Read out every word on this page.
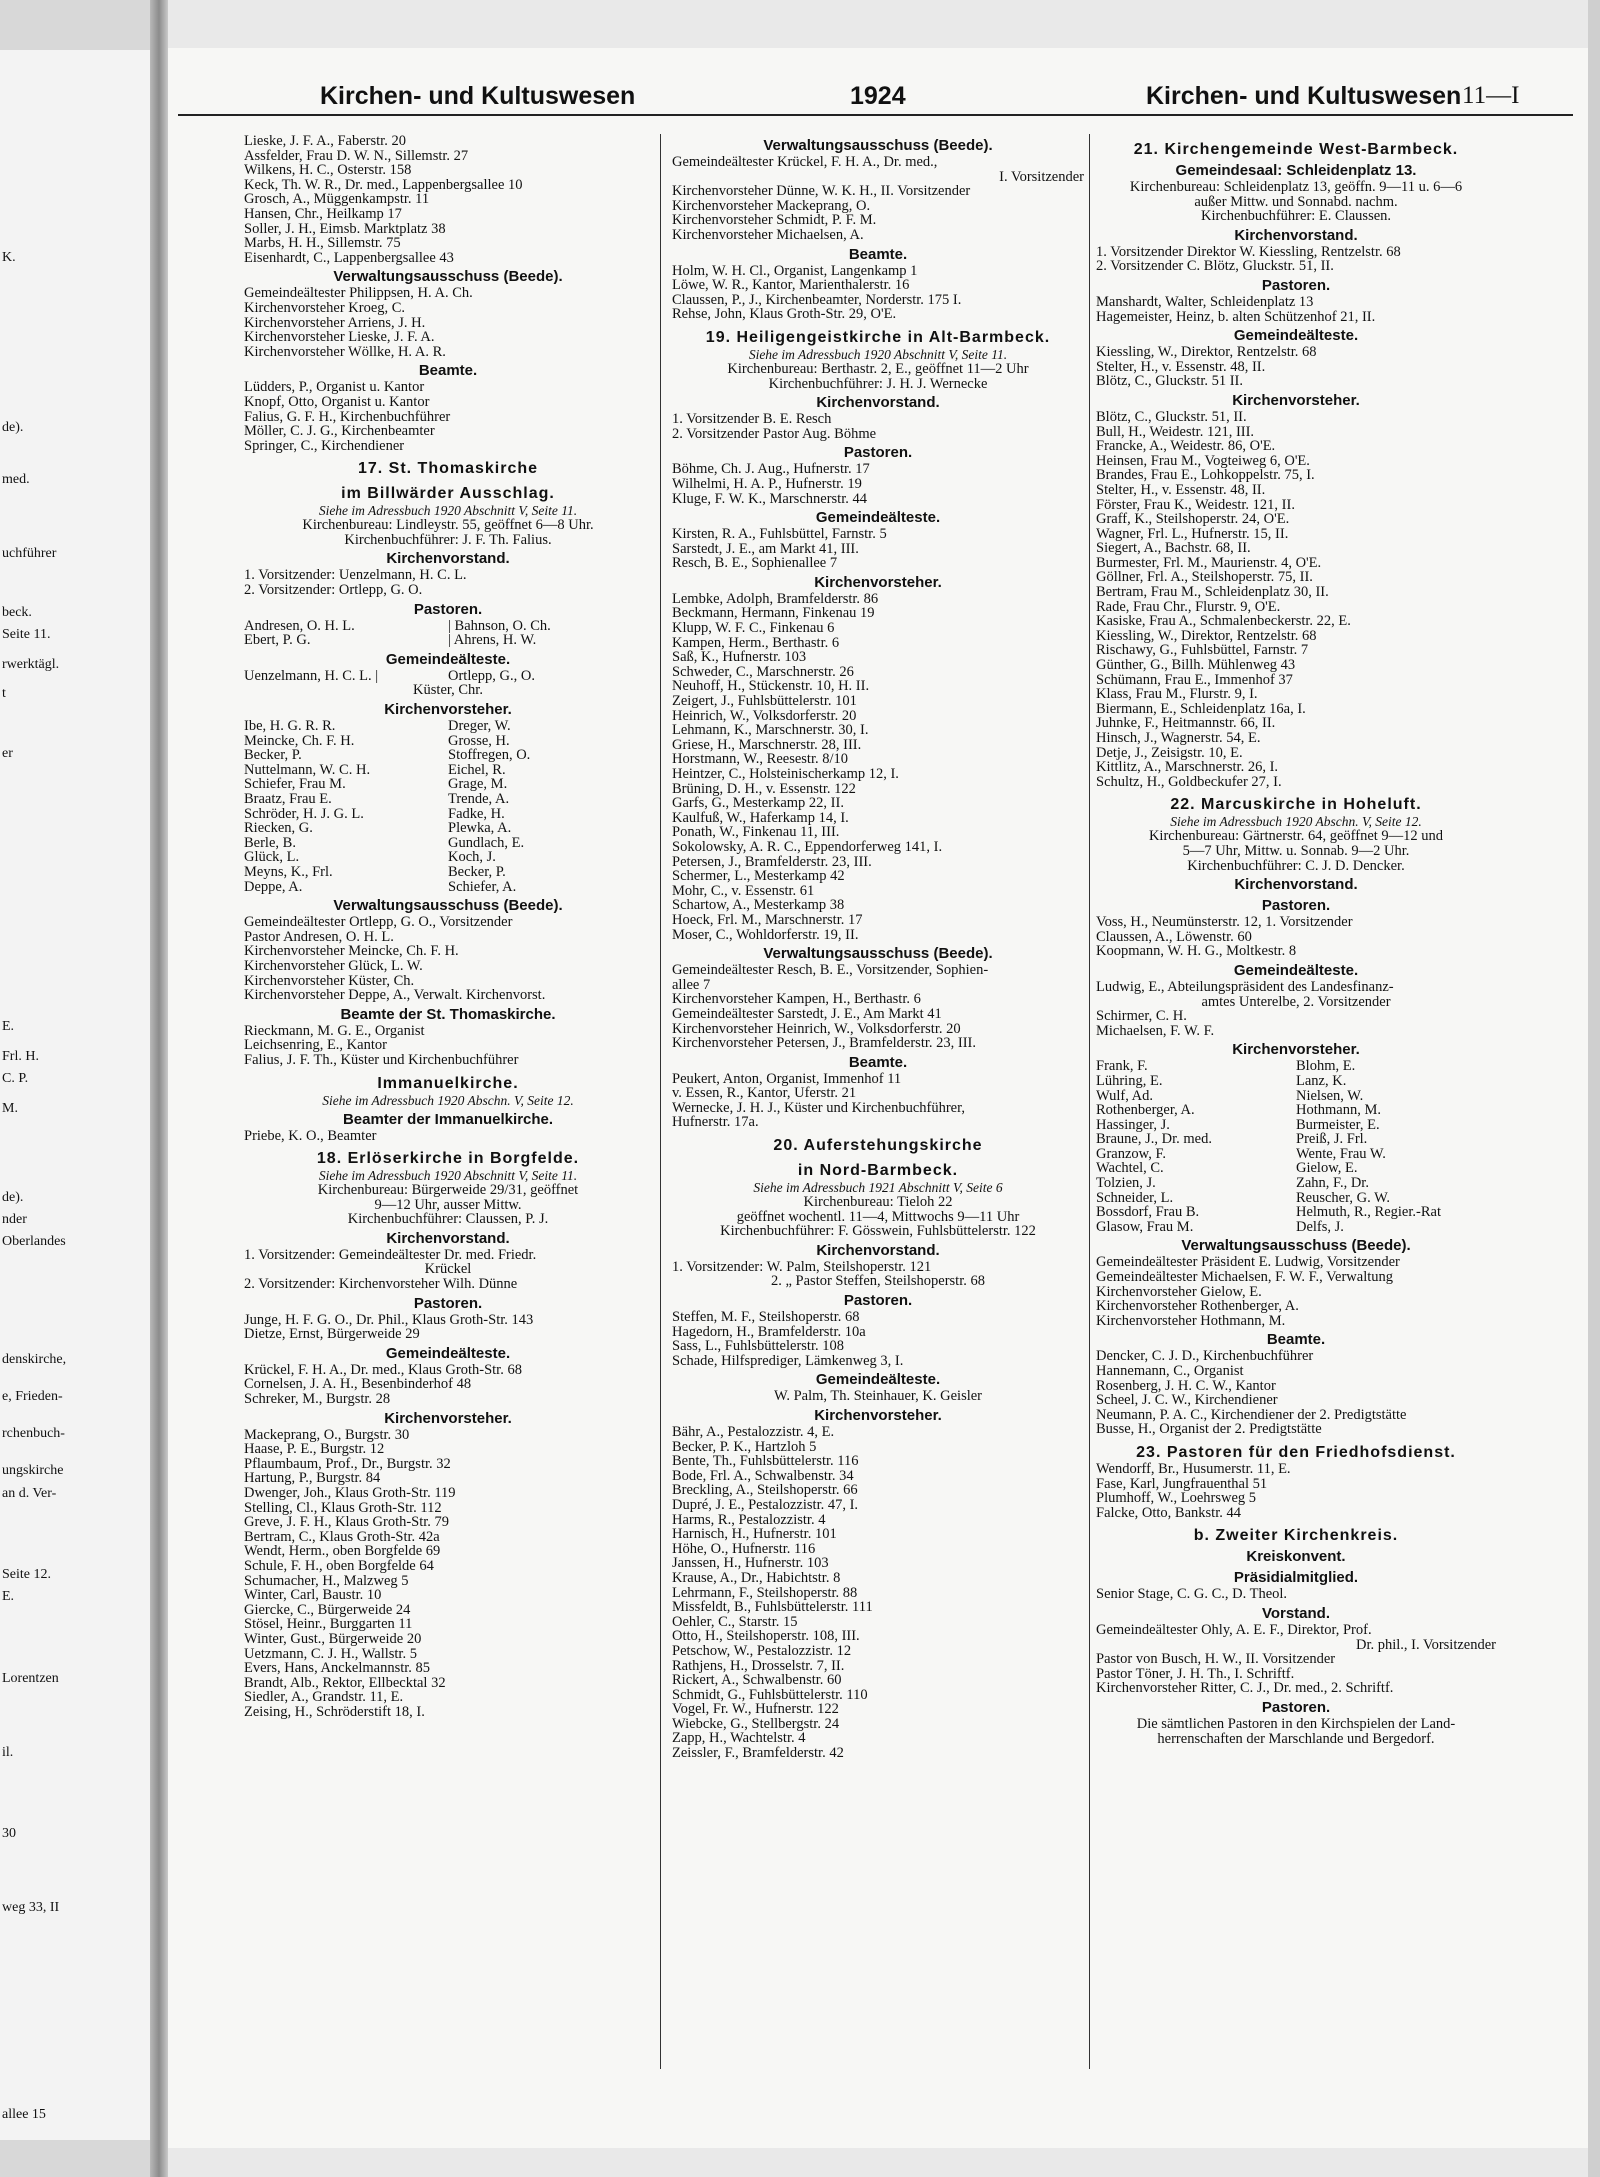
K.
de).
med.
uchführer
beck.
Seite 11.
rwerktägl.
t
er
E.
Frl. H.
C. P.
M.
de).
nder
Oberlandes
denskirche,
e, Frieden-
rchenbuch-
ungskirche
an d. Ver-
Seite 12.
E.
Lorentzen
il.
30
weg 33, II
allee 15
Kirchen- und Kultuswesen	1924	Kirchen- und Kultuswesen 11—I
Lieske, J. F. A., Faberstr. 20
Assfelder, Frau D. W. N., Sillemstr. 27
Wilkens, H. C., Osterstr. 158
Keck, Th. W. R., Dr. med., Lappenbergsallee 10
Grosch, A., Müggenkampstr. 11
Hansen, Chr., Heilkamp 17
Soller, J. H., Eimsb. Marktplatz 38
Marbs, H. H., Sillemstr. 75
Eisenhardt, C., Lappenbergsallee 43
Verwaltungsausschuss (Beede).
Gemeindeältester Philippsen, H. A. Ch.
Kirchenvorsteher Kroeg, C.
Kirchenvorsteher Arriens, J. H.
Kirchenvorsteher Lieske, J. F. A.
Kirchenvorsteher Wöllke, H. A. R.
Beamte.
Lüdders, P., Organist u. Kantor
Knopf, Otto, Organist u. Kantor
Falius, G. F. H., Kirchenbuchführer
Möller, C. J. G., Kirchenbeamter
Springer, C., Kirchendiener
17. St. Thomaskirche
im Billwärder Ausschlag.
Siehe im Adressbuch 1920 Abschnitt V, Seite 11.
Kirchenbureau: Lindleystr. 55, geöffnet 6—8 Uhr.
Kirchenbuchführer: J. F. Th. Falius.
Kirchenvorstand.
1. Vorsitzender: Uenzelmann, H. C. L.
2. Vorsitzender: Ortlepp, G. O.
Pastoren.
Andresen, O. H. L.	| Bahnson, O. Ch.
Ebert, P. G.	| Ahrens, H. W.
Gemeindeälteste.
Uenzelmann, H. C. L. |	Ortlepp, G., O.
Küster, Chr.
Kirchenvorsteher.
Ibe, H. G. R. R.	Dreger, W.
Meincke, Ch. F. H.	Grosse, H.
Becker, P.	Stoffregen, O.
Nuttelmann, W. C. H.	Eichel, R.
Schiefer, Frau M.	Grage, M.
Braatz, Frau E.	Trende, A.
Schröder, H. J. G. L.	Fadke, H.
Riecken, G.	Plewka, A.
Berle, B.	Gundlach, E.
Glück, L.	Koch, J.
Meyns, K., Frl.	Becker, P.
Deppe, A.	Schiefer, A.
Verwaltungsausschuss (Beede).
Gemeindeältester Ortlepp, G. O., Vorsitzender
Pastor Andresen, O. H. L.
Kirchenvorsteher Meincke, Ch. F. H.
Kirchenvorsteher Glück, L. W.
Kirchenvorsteher Küster, Ch.
Kirchenvorsteher Deppe, A., Verwalt. Kirchenvorst.
Beamte der St. Thomaskirche.
Rieckmann, M. G. E., Organist
Leichsenring, E., Kantor
Falius, J. F. Th., Küster und Kirchenbuchführer
Immanuelkirche.
Siehe im Adressbuch 1920 Abschn. V, Seite 12.
Beamter der Immanuelkirche.
Priebe, K. O., Beamter
18. Erlöserkirche in Borgfelde.
Siehe im Adressbuch 1920 Abschnitt V, Seite 11.
Kirchenbureau: Bürgerweide 29/31, geöffnet
9—12 Uhr, ausser Mittw.
Kirchenbuchführer: Claussen, P. J.
Kirchenvorstand.
1. Vorsitzender: Gemeindeältester Dr. med. Friedr.
Krückel
2. Vorsitzender: Kirchenvorsteher Wilh. Dünne
Pastoren.
Junge, H. F. G. O., Dr. Phil., Klaus Groth-Str. 143
Dietze, Ernst, Bürgerweide 29
Gemeindeälteste.
Krückel, F. H. A., Dr. med., Klaus Groth-Str. 68
Cornelsen, J. A. H., Besenbinderhof 48
Schreker, M., Burgstr. 28
Kirchenvorsteher.
Mackeprang, O., Burgstr. 30
Haase, P. E., Burgstr. 12
Pflaumbaum, Prof., Dr., Burgstr. 32
Hartung, P., Burgstr. 84
Dwenger, Joh., Klaus Groth-Str. 119
Stelling, Cl., Klaus Groth-Str. 112
Greve, J. F. H., Klaus Groth-Str. 79
Bertram, C., Klaus Groth-Str. 42a
Wendt, Herm., oben Borgfelde 69
Schule, F. H., oben Borgfelde 64
Schumacher, H., Malzweg 5
Winter, Carl, Baustr. 10
Giercke, C., Bürgerweide 24
Stösel, Heinr., Burggarten 11
Winter, Gust., Bürgerweide 20
Uetzmann, C. J. H., Wallstr. 5
Evers, Hans, Anckelmannstr. 85
Brandt, Alb., Rektor, Ellbecktal 32
Siedler, A., Grandstr. 11, E.
Zeising, H., Schröderstift 18, I.
Verwaltungsausschuss (Beede).
Gemeindeältester Krückel, F. H. A., Dr. med.,
I. Vorsitzender
Kirchenvorsteher Dünne, W. K. H., II. Vorsitzender
Kirchenvorsteher Mackeprang, O.
Kirchenvorsteher Schmidt, P. F. M.
Kirchenvorsteher Michaelsen, A.
Beamte.
Holm, W. H. Cl., Organist, Langenkamp 1
Löwe, W. R., Kantor, Marienthalerstr. 16
Claussen, P., J., Kirchenbeamter, Norderstr. 175 I.
Rehse, John, Klaus Groth-Str. 29, O'E.
19. Heiligengeistkirche in Alt-Barmbeck.
Siehe im Adressbuch 1920 Abschnitt V, Seite 11.
Kirchenbureau: Berthastr. 2, E., geöffnet 11—2 Uhr
Kirchenbuchführer: J. H. J. Wernecke
Kirchenvorstand.
1. Vorsitzender B. E. Resch
2. Vorsitzender Pastor Aug. Böhme
Pastoren.
Böhme, Ch. J. Aug., Hufnerstr. 17
Wilhelmi, H. A. P., Hufnerstr. 19
Kluge, F. W. K., Marschnerstr. 44
Gemeindeälteste.
Kirsten, R. A., Fuhlsbüttel, Farnstr. 5
Sarstedt, J. E., am Markt 41, III.
Resch, B. E., Sophienallee 7
Kirchenvorsteher.
Lembke, Adolph, Bramfelderstr. 86
Beckmann, Hermann, Finkenau 19
Klupp, W. F. C., Finkenau 6
Kampen, Herm., Berthastr. 6
Saß, K., Hufnerstr. 103
Schweder, C., Marschnerstr. 26
Neuhoff, H., Stückenstr. 10, H. II.
Zeigert, J., Fuhlsbüttelerstr. 101
Heinrich, W., Volksdorferstr. 20
Lehmann, K., Marschnerstr. 30, I.
Griese, H., Marschnerstr. 28, III.
Horstmann, W., Reesestr. 8/10
Heintzer, C., Holsteinischerkamp 12, I.
Brüning, D. H., v. Essenstr. 122
Garfs, G., Mesterkamp 22, II.
Kaulfuß, W., Haferkamp 14, I.
Ponath, W., Finkenau 11, III.
Sokolowsky, A. R. C., Eppendorferweg 141, I.
Petersen, J., Bramfelderstr. 23, III.
Schermer, L., Mesterkamp 42
Mohr, C., v. Essenstr. 61
Schartow, A., Mesterkamp 38
Hoeck, Frl. M., Marschnerstr. 17
Moser, C., Wohldorferstr. 19, II.
Verwaltungsausschuss (Beede).
Gemeindeältester Resch, B. E., Vorsitzender, Sophien-
allee 7
Kirchenvorsteher Kampen, H., Berthastr. 6
Gemeindeältester Sarstedt, J. E., Am Markt 41
Kirchenvorsteher Heinrich, W., Volksdorferstr. 20
Kirchenvorsteher Petersen, J., Bramfelderstr. 23, III.
Beamte.
Peukert, Anton, Organist, Immenhof 11
v. Essen, R., Kantor, Uferstr. 21
Wernecke, J. H. J., Küster und Kirchenbuchführer,
Hufnerstr. 17a.
20. Auferstehungskirche
in Nord-Barmbeck.
Siehe im Adressbuch 1921 Abschnitt V, Seite 6
Kirchenbureau: Tieloh 22
geöffnet wochentl. 11—4, Mittwochs 9—11 Uhr
Kirchenbuchführer: F. Gösswein, Fuhlsbüttelerstr. 122
Kirchenvorstand.
1. Vorsitzender: W. Palm, Steilshoperstr. 121
2. „ Pastor Steffen, Steilshoperstr. 68
Pastoren.
Steffen, M. F., Steilshoperstr. 68
Hagedorn, H., Bramfelderstr. 10a
Sass, L., Fuhlsbüttelerstr. 108
Schade, Hilfsprediger, Lämkenweg 3, I.
Gemeindeälteste.
W. Palm, Th. Steinhauer, K. Geisler
Kirchenvorsteher.
Bähr, A., Pestalozzistr. 4, E.
Becker, P. K., Hartzloh 5
Bente, Th., Fuhlsbüttelerstr. 116
Bode, Frl. A., Schwalbenstr. 34
Breckling, A., Steilshoperstr. 66
Dupré, J. E., Pestalozzistr. 47, I.
Harms, R., Pestalozzistr. 4
Harnisch, H., Hufnerstr. 101
Höhe, O., Hufnerstr. 116
Janssen, H., Hufnerstr. 103
Krause, A., Dr., Habichtstr. 8
Lehrmann, F., Steilshoperstr. 88
Missfeldt, B., Fuhlsbüttelerstr. 111
Oehler, C., Starstr. 15
Otto, H., Steilshoperstr. 108, III.
Petschow, W., Pestalozzistr. 12
Rathjens, H., Drosselstr. 7, II.
Rickert, A., Schwalbenstr. 60
Schmidt, G., Fuhlsbüttelerstr. 110
Vogel, Fr. W., Hufnerstr. 122
Wiebcke, G., Stellbergstr. 24
Zapp, H., Wachtelstr. 4
Zeissler, F., Bramfelderstr. 42
21. Kirchengemeinde West-Barmbeck.
Gemeindesaal: Schleidenplatz 13.
Kirchenbureau: Schleidenplatz 13, geöffn. 9—11 u. 6—6
außer Mittw. und Sonnabd. nachm.
Kirchenbuchführer: E. Claussen.
Kirchenvorstand.
1. Vorsitzender Direktor W. Kiessling, Rentzelstr. 68
2. Vorsitzender C. Blötz, Gluckstr. 51, II.
Pastoren.
Manshardt, Walter, Schleidenplatz 13
Hagemeister, Heinz, b. alten Schützenhof 21, II.
Gemeindeälteste.
Kiessling, W., Direktor, Rentzelstr. 68
Stelter, H., v. Essenstr. 48, II.
Blötz, C., Gluckstr. 51 II.
Kirchenvorsteher.
Blötz, C., Gluckstr. 51, II.
Bull, H., Weidestr. 121, III.
Francke, A., Weidestr. 86, O'E.
Heinsen, Frau M., Vogteiweg 6, O'E.
Brandes, Frau E., Lohkoppelstr. 75, I.
Stelter, H., v. Essenstr. 48, II.
Förster, Frau K., Weidestr. 121, II.
Graff, K., Steilshoperstr. 24, O'E.
Wagner, Frl. L., Hufnerstr. 15, II.
Siegert, A., Bachstr. 68, II.
Burmester, Frl. M., Maurienstr. 4, O'E.
Göllner, Frl. A., Steilshoperstr. 75, II.
Bertram, Frau M., Schleidenplatz 30, II.
Rade, Frau Chr., Flurstr. 9, O'E.
Kasiske, Frau A., Schmalenbeckerstr. 22, E.
Kiessling, W., Direktor, Rentzelstr. 68
Rischawy, G., Fuhlsbüttel, Farnstr. 7
Günther, G., Billh. Mühlenweg 43
Schümann, Frau E., Immenhof 37
Klass, Frau M., Flurstr. 9, I.
Biermann, E., Schleidenplatz 16a, I.
Juhnke, F., Heitmannstr. 66, II.
Hinsch, J., Wagnerstr. 54, E.
Detje, J., Zeisigstr. 10, E.
Kittlitz, A., Marschnerstr. 26, I.
Schultz, H., Goldbeckufer 27, I.
22. Marcuskirche in Hoheluft.
Siehe im Adressbuch 1920 Abschn. V, Seite 12.
Kirchenbureau: Gärtnerstr. 64, geöffnet 9—12 und
5—7 Uhr, Mittw. u. Sonnab. 9—2 Uhr.
Kirchenbuchführer: C. J. D. Dencker.
Kirchenvorstand.
Pastoren.
Voss, H., Neumünsterstr. 12, 1. Vorsitzender
Claussen, A., Löwenstr. 60
Koopmann, W. H. G., Moltkestr. 8
Gemeindeälteste.
Ludwig, E., Abteilungspräsident des Landesfinanz-
amtes Unterelbe, 2. Vorsitzender
Schirmer, C. H.
Michaelsen, F. W. F.
Kirchenvorsteher.
Frank, F.	Blohm, E.
Lühring, E.	Lanz, K.
Wulf, Ad.	Nielsen, W.
Rothenberger, A.	Hothmann, M.
Hassinger, J.	Burmeister, E.
Braune, J., Dr. med.	Preiß, J. Frl.
Granzow, F.	Wente, Frau W.
Wachtel, C.	Gielow, E.
Tolzien, J.	Zahn, F., Dr.
Schneider, L.	Reuscher, G. W.
Bossdorf, Frau B.	Helmuth, R., Regier.-Rat
Glasow, Frau M.	Delfs, J.
Verwaltungsausschuss (Beede).
Gemeindeältester Präsident E. Ludwig, Vorsitzender
Gemeindeältester Michaelsen, F. W. F., Verwaltung
Kirchenvorsteher Gielow, E.
Kirchenvorsteher Rothenberger, A.
Kirchenvorsteher Hothmann, M.
Beamte.
Dencker, C. J. D., Kirchenbuchführer
Hannemann, C., Organist
Rosenberg, J. H. C. W., Kantor
Scheel, J. C. W., Kirchendiener
Neumann, P. A. C., Kirchendiener der 2. Predigtstätte
Busse, H., Organist der 2. Predigtstätte
23. Pastoren für den Friedhofsdienst.
Wendorff, Br., Husumerstr. 11, E.
Fase, Karl, Jungfrauenthal 51
Plumhoff, W., Loehrsweg 5
Falcke, Otto, Bankstr. 44
b. Zweiter Kirchenkreis.
Kreiskonvent.
Präsidialmitglied.
Senior Stage, C. G. C., D. Theol.
Vorstand.
Gemeindeältester Ohly, A. E. F., Direktor, Prof.
Dr. phil., I. Vorsitzender
Pastor von Busch, H. W., II. Vorsitzender
Pastor Töner, J. H. Th., I. Schriftf.
Kirchenvorsteher Ritter, C. J., Dr. med., 2. Schriftf.
Pastoren.
Die sämtlichen Pastoren in den Kirchspielen der Land-
herrenschaften der Marschlande und Bergedorf.
